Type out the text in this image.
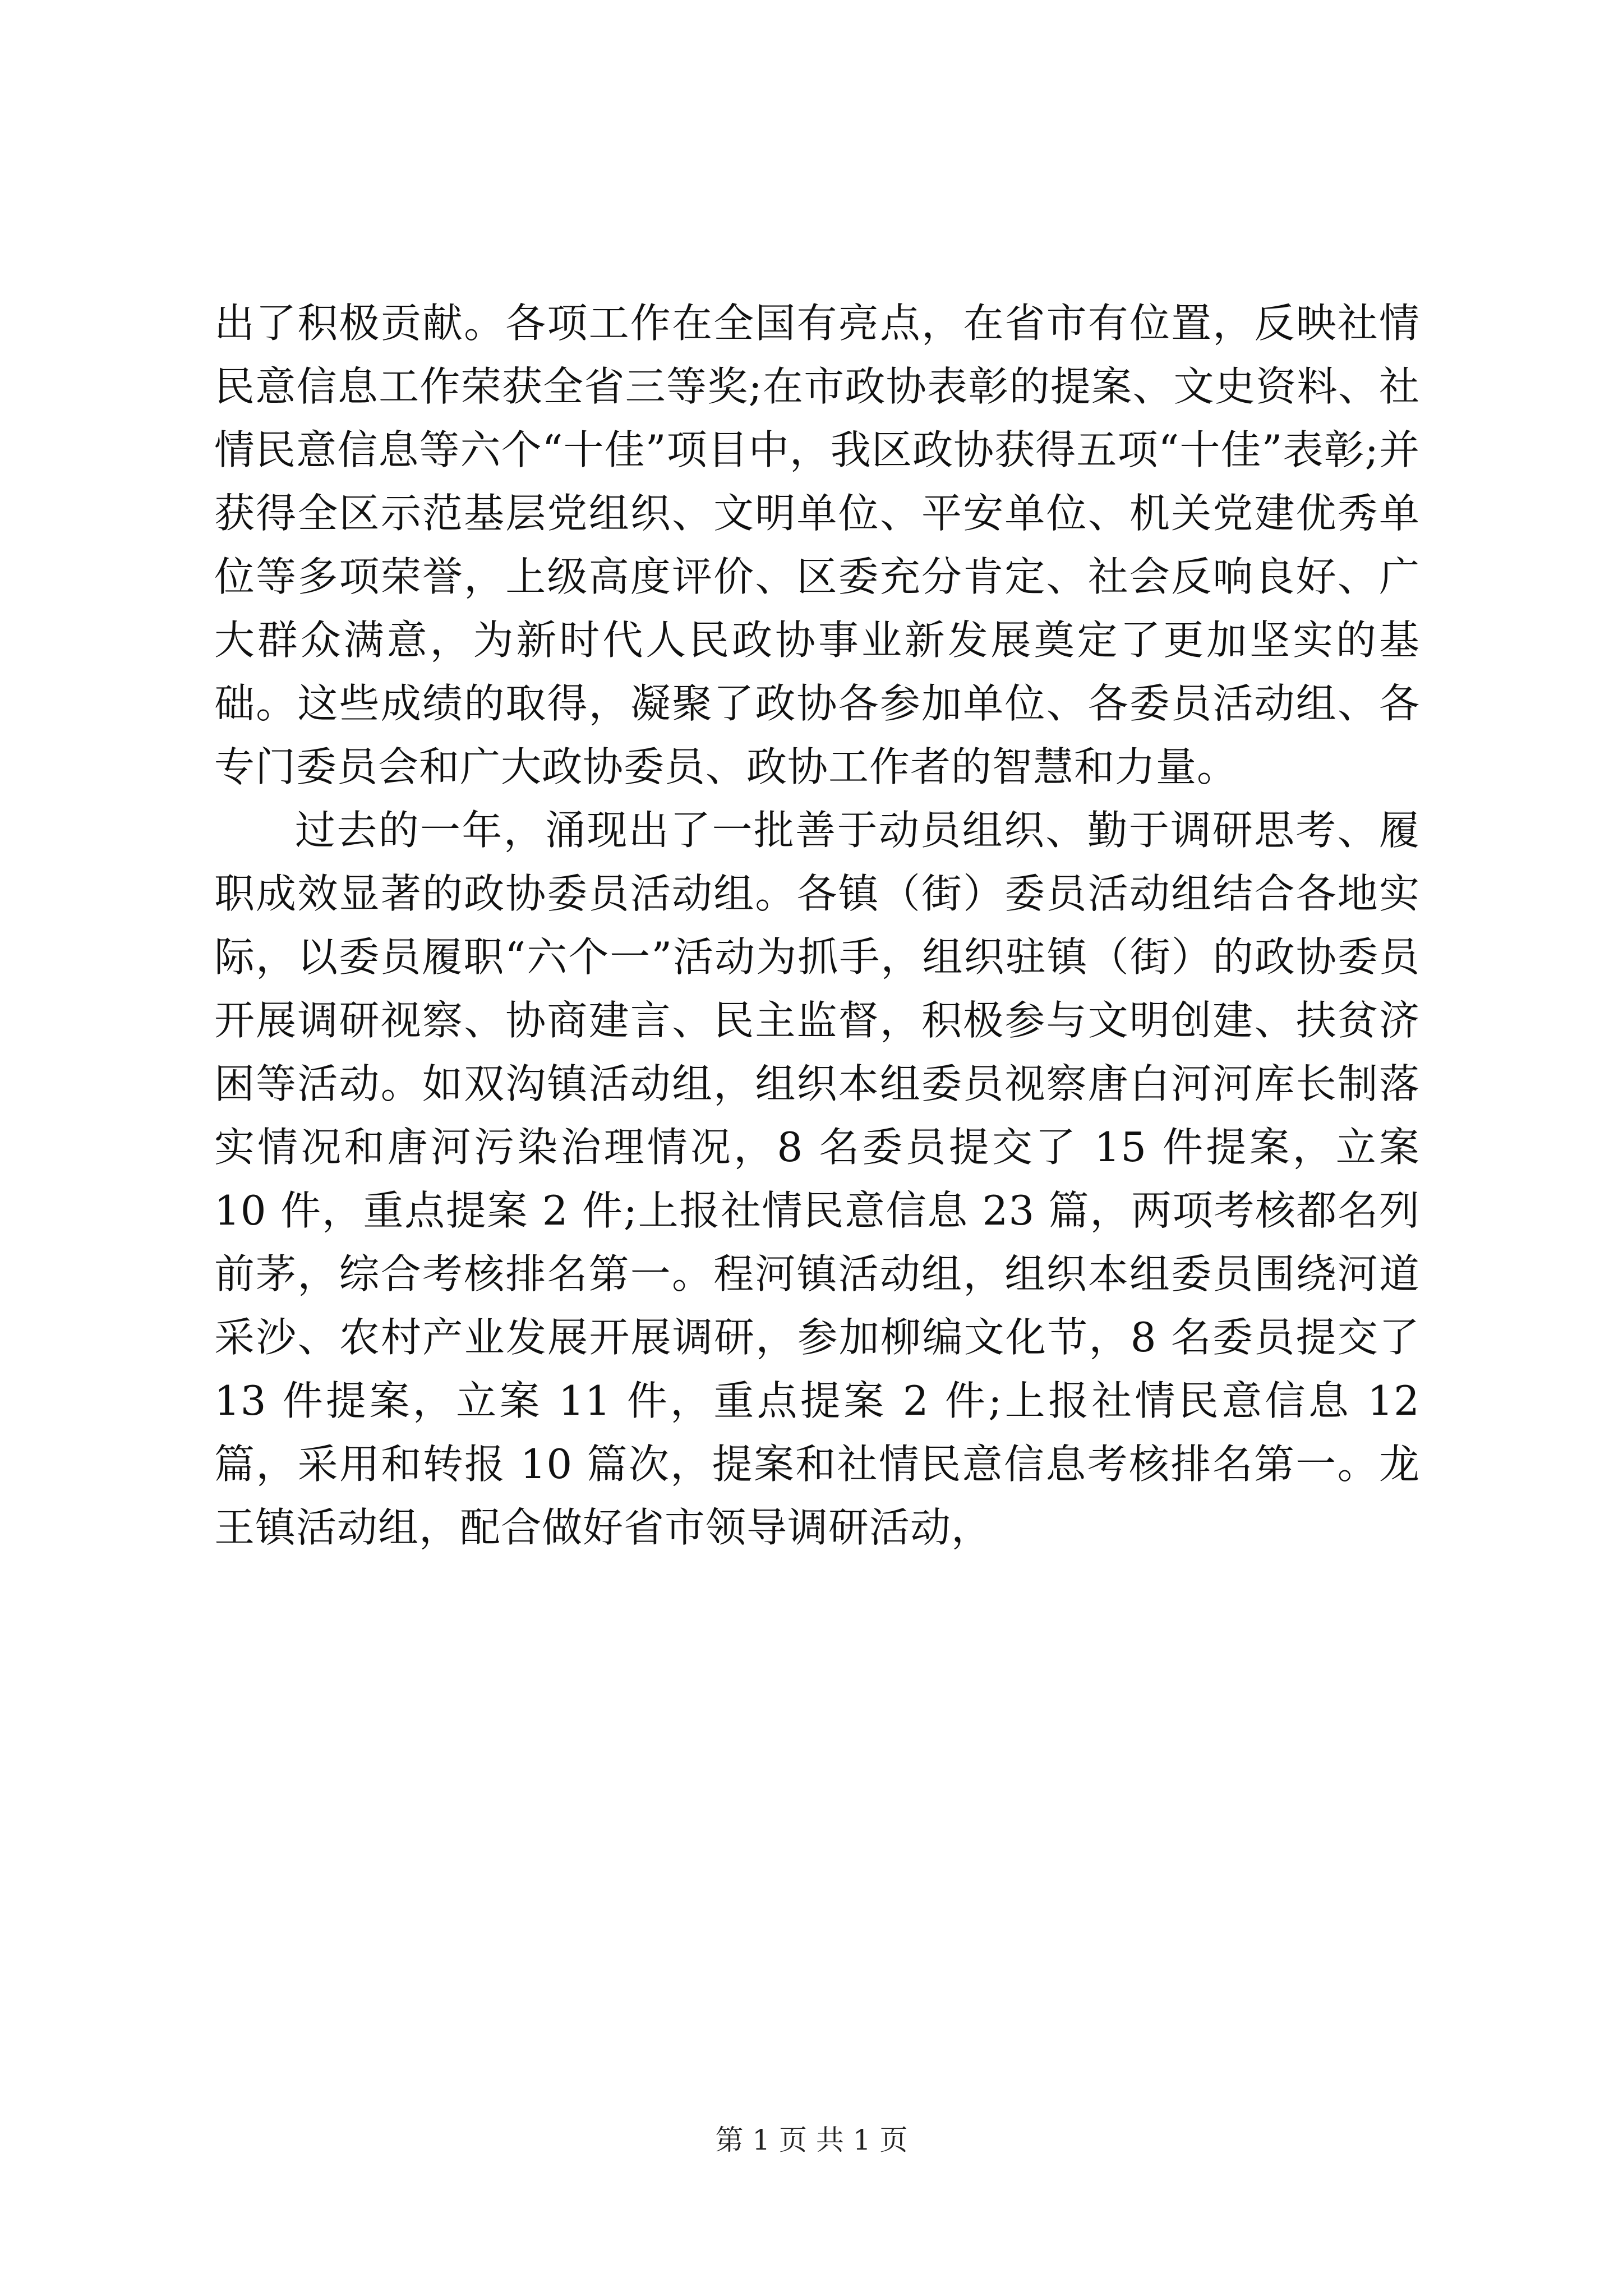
出了积极贡献。各项工作在全国有亮点，在省市有位置，反映社情民意信息工作荣获全省三等奖;在市政协表彰的提案、文史资料、社情民意信息等六个“十佳”项目中，我区政协获得五项“十佳”表彰;并获得全区示范基层党组织、文明单位、平安单位、机关党建优秀单位等多项荣誉，上级高度评价、区委充分肯定、社会反响良好、广大群众满意，为新时代人民政协事业新发展奠定了更加坚实的基础。这些成绩的取得，凝聚了政协各参加单位、各委员活动组、各专门委员会和广大政协委员、政协工作者的智慧和力量。

过去的一年，涌现出了一批善于动员组织、勤于调研思考、履职成效显著的政协委员活动组。各镇（街）委员活动组结合各地实际，以委员履职“六个一”活动为抓手，组织驻镇（街）的政协委员开展调研视察、协商建言、民主监督，积极参与文明创建、扶贫济困等活动。如双沟镇活动组，组织本组委员视察唐白河河库长制落实情况和唐河污染治理情况，8 名委员提交了 15 件提案，立案 10 件，重点提案 2 件;上报社情民意信息 23 篇，两项考核都名列前茅，综合考核排名第一。程河镇活动组，组织本组委员围绕河道采沙、农村产业发展开展调研，参加柳编文化节，8 名委员提交了 13 件提案，立案 11 件，重点提案 2 件;上报社情民意信息 12 篇，采用和转报 10 篇次，提案和社情民意信息考核排名第一。龙王镇活动组，配合做好省市领导调研活动，

第 1 页 共 1 页
